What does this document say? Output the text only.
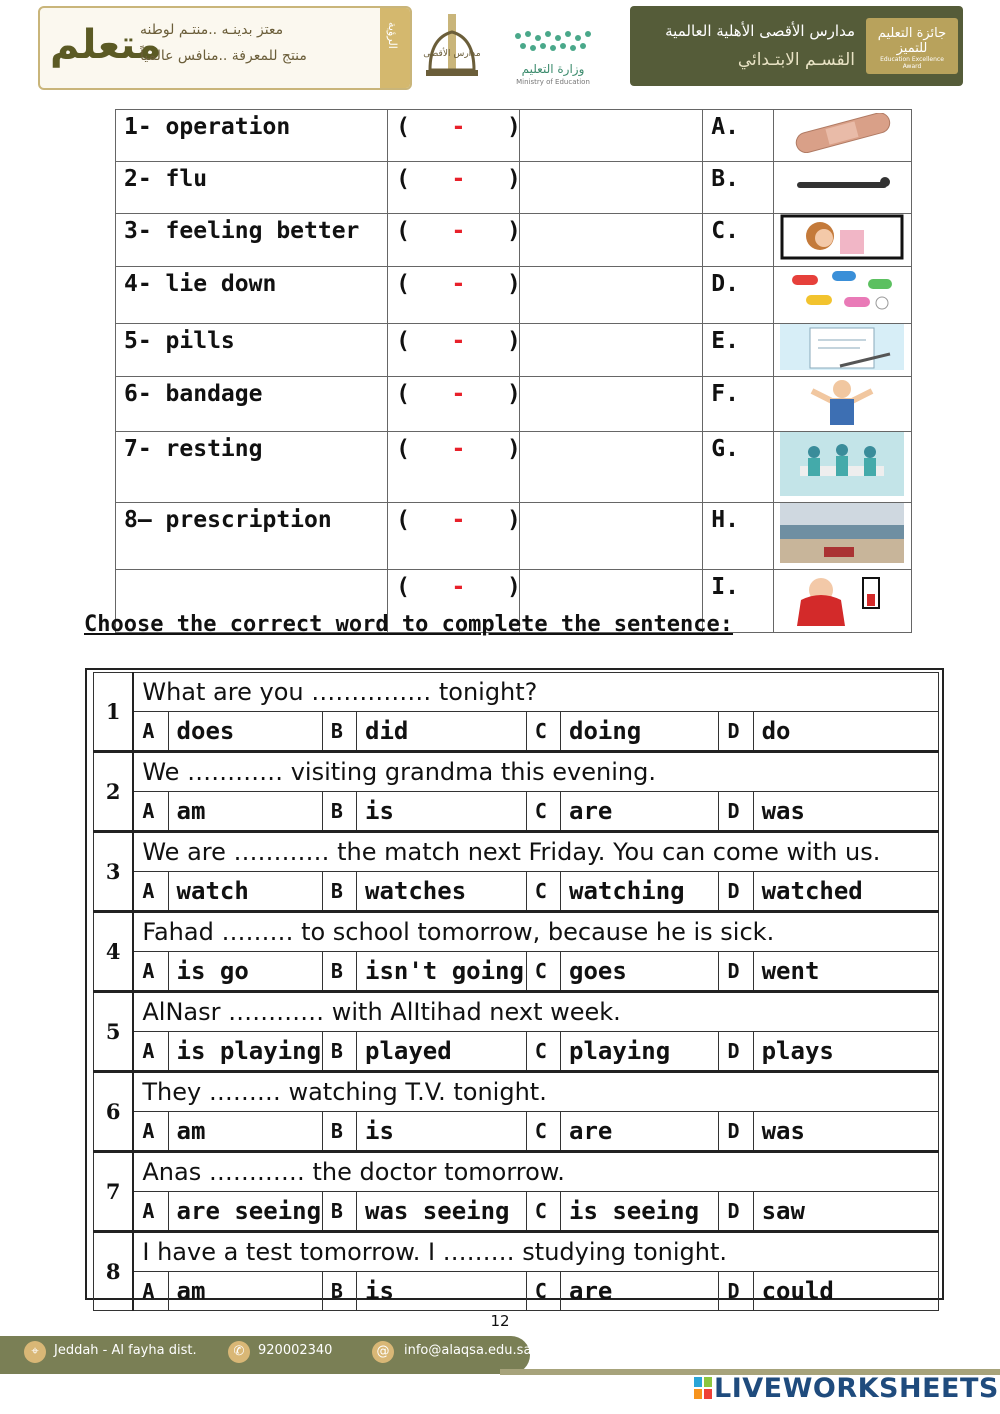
متعلم
معتز بدينـه ..منتـم لوطنه
منتج للمعرفة ..منافس عالمياً
الرؤية
مدارس الأقصى
وزارة التعليم
Ministry of Education
مدارس الأقصى الأهلية العالمية
القسـم الابتـدائي
جائزة التعليم للتميز
Education Excellence Award
1- operation	( - )		A.	
2- flu	( - )		B.	
3- feeling better	( - )		C.	
4- lie down	( - )		D.	
5- pills	( - )		E.	
6- bandage	( - )		F.	
7- resting	( - )		G.	
8– prescription	( - )		H.	
	( - )		I.	
Choose the correct word to complete the sentence:
1	What are you …………… tonight?							
	A	does	B	did	C	doing	D	do
2	We ………… visiting grandma this evening.							
	A	am	B	is	C	are	D	was
3	We are ………… the match next Friday. You can come with us.							
	A	watch	B	watches	C	watching	D	watched
4	Fahad ……… to school tomorrow, because he is sick.							
	A	is go	B	isn't going	C	goes	D	went
5	AlNasr ………… with AlItihad next week.							
	A	is playing	B	played	C	playing	D	plays
6	They ……… watching T.V. tonight.							
	A	am	B	is	C	are	D	was
7	Anas ………… the doctor tomorrow.							
	A	are seeing	B	was seeing	C	is seeing	D	saw
8	I have a test tomorrow. I ……… studying tonight.							
	A	am	B	is	C	are	D	could
12
⌖	Jeddah - Al fayha dist.	✆	920002340	@	info@alaqsa.edu.sa
LIVEWORKSHEETS
